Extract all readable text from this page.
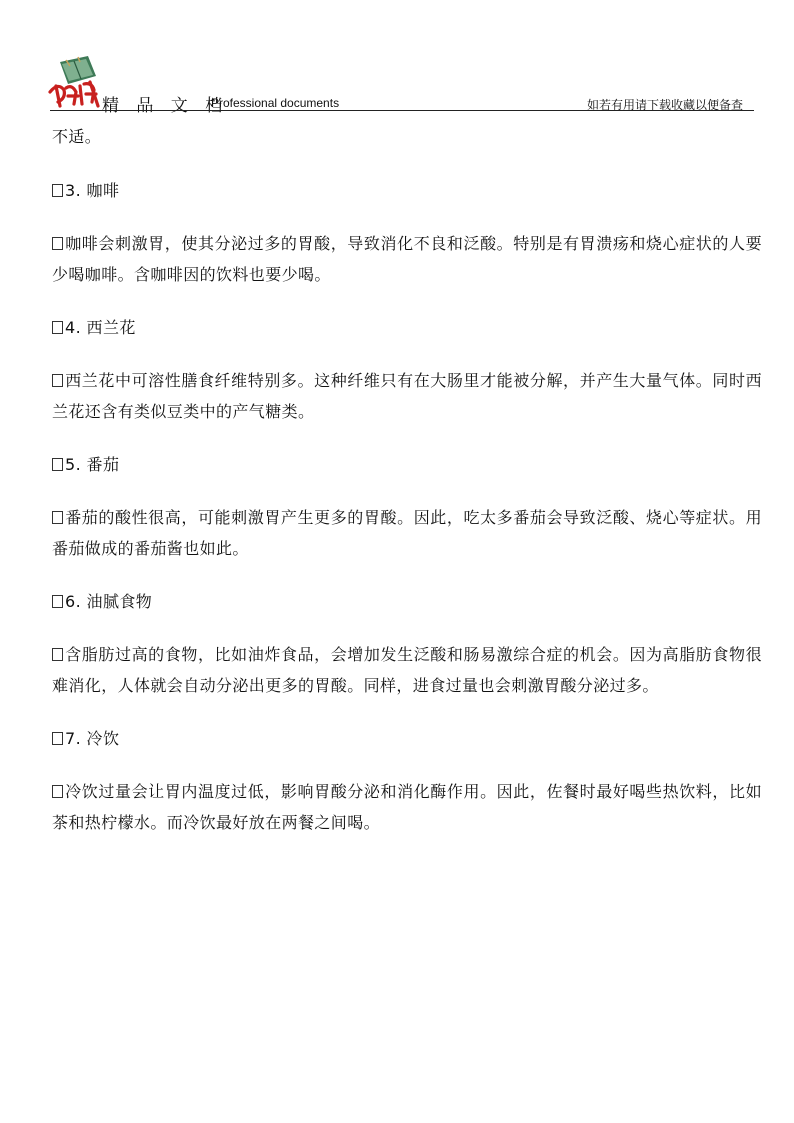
精 品 文 档
Professional documents	如若有用请下载收藏以便备查

不适。

3. 咖啡

咖啡会刺激胃，使其分泌过多的胃酸，导致消化不良和泛酸。特别是有胃溃疡和烧心症状的人要少喝咖啡。含咖啡因的饮料也要少喝。

4. 西兰花

西兰花中可溶性膳食纤维特别多。这种纤维只有在大肠里才能被分解，并产生大量气体。同时西兰花还含有类似豆类中的产气糖类。

5. 番茄

番茄的酸性很高，可能刺激胃产生更多的胃酸。因此，吃太多番茄会导致泛酸、烧心等症状。用番茄做成的番茄酱也如此。

6. 油腻食物

含脂肪过高的食物，比如油炸食品，会增加发生泛酸和肠易激综合症的机会。因为高脂肪食物很难消化，人体就会自动分泌出更多的胃酸。同样，进食过量也会刺激胃酸分泌过多。

7. 冷饮

冷饮过量会让胃内温度过低，影响胃酸分泌和消化酶作用。因此，佐餐时最好喝些热饮料，比如茶和热柠檬水。而冷饮最好放在两餐之间喝。
